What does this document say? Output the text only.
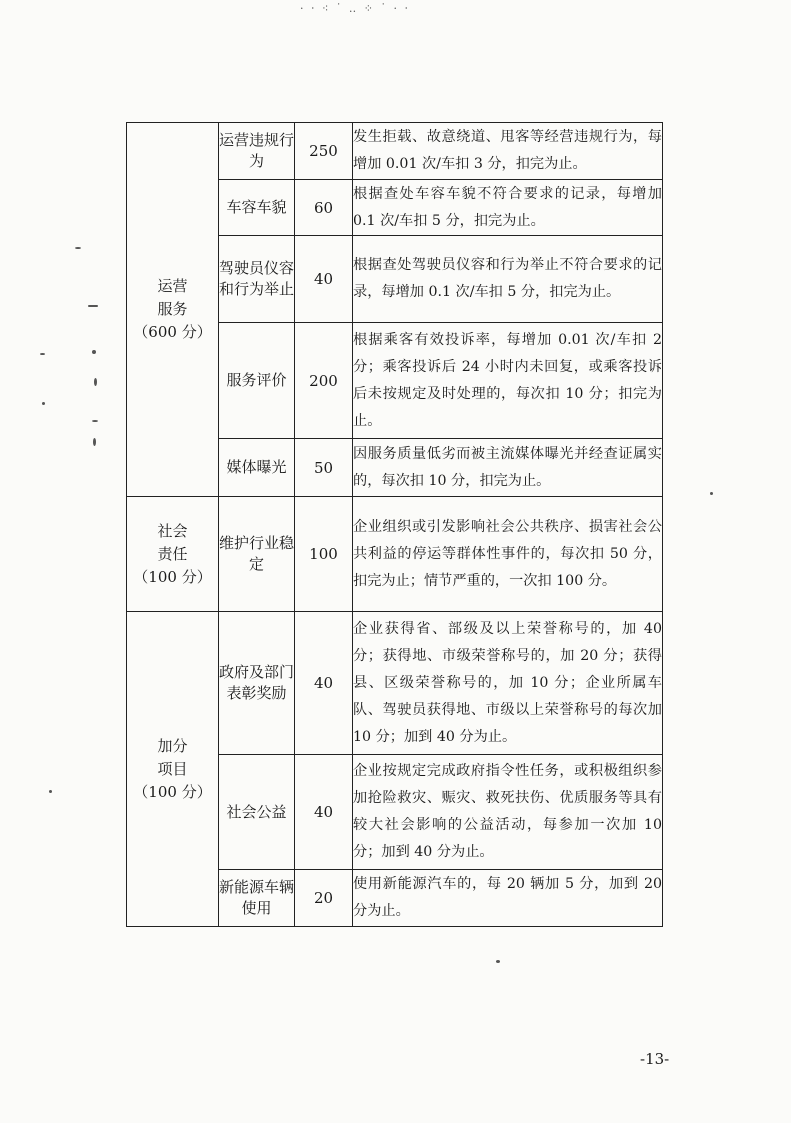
· ‧ ⁖ ˙ ‥ ⁘ ˙ · ‧
运营
服务
（600 分）	运营违规行为	250	发生拒载、故意绕道、甩客等经营违规行为，每增加 0.01 次/车扣 3 分，扣完为止。
	车容车貌	60	根据查处车容车貌不符合要求的记录，每增加 0.1 次/车扣 5 分，扣完为止。
	驾驶员仪容和行为举止	40	根据查处驾驶员仪容和行为举止不符合要求的记录，每增加 0.1 次/车扣 5 分，扣完为止。
	服务评价	200	根据乘客有效投诉率，每增加 0.01 次/车扣 2 分；乘客投诉后 24 小时内未回复，或乘客投诉后未按规定及时处理的，每次扣 10 分；扣完为止。
	媒体曝光	50	因服务质量低劣而被主流媒体曝光并经查证属实的，每次扣 10 分，扣完为止。

社会
责任
（100 分）	维护行业稳定	100	企业组织或引发影响社会公共秩序、损害社会公共利益的停运等群体性事件的，每次扣 50 分，扣完为止；情节严重的，一次扣 100 分。

加分
项目
（100 分）	政府及部门表彰奖励	40	企业获得省、部级及以上荣誉称号的，加 40 分；获得地、市级荣誉称号的，加 20 分；获得县、区级荣誉称号的，加 10 分；企业所属车队、驾驶员获得地、市级以上荣誉称号的每次加 10 分；加到 40 分为止。
	社会公益	40	企业按规定完成政府指令性任务，或积极组织参加抢险救灾、赈灾、救死扶伤、优质服务等具有较大社会影响的公益活动，每参加一次加 10 分；加到 40 分为止。
	新能源车辆使用	20	使用新能源汽车的，每 20 辆加 5 分，加到 20 分为止。
-13-
